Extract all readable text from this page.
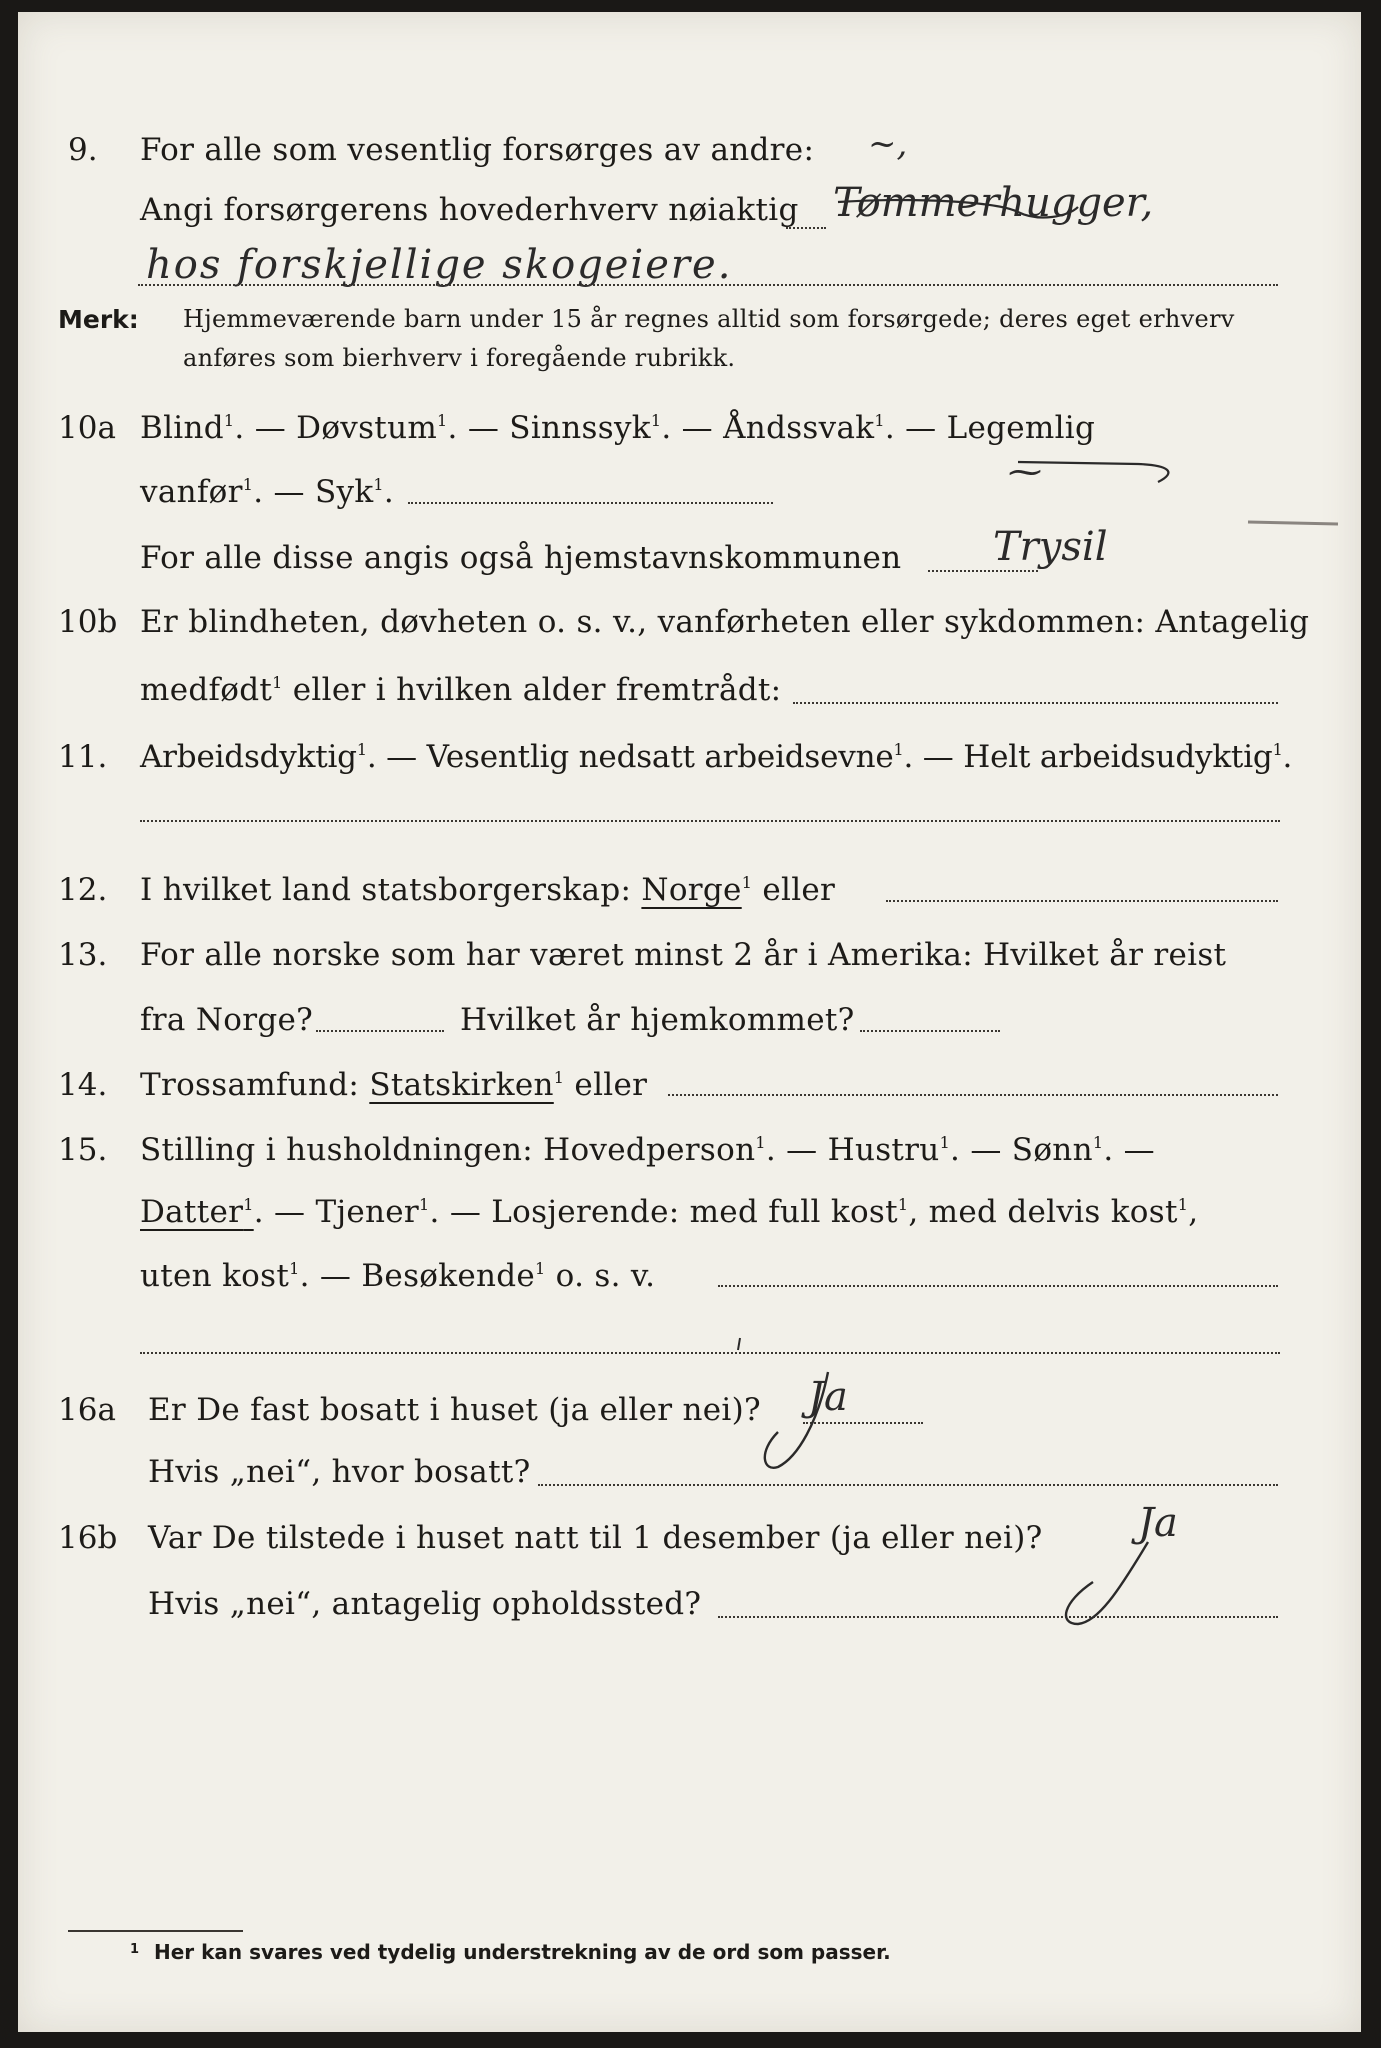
9. For alle som vesentlig forsørges av andre: ~,
Angi forsørgerens hovederhverv nøiaktig Tømmerhugger,
hos forskjellige skogeiere.
Merk: Hjemmeværende barn under 15 år regnes alltid som forsørgede; deres eget erhverv
anføres som bierhverv i foregående rubrikk.
10a Blind$^1$. — Døvstum$^1$. — Sinnssyk$^1$. — Åndssvak$^1$. — Legemlig
vanfør$^1$. — Syk$^1$.	⁓
For alle disse angis også hjemstavnskommunen Trysil
10b Er blindheten, døvheten o. s. v., vanførheten eller sykdommen: Antagelig
medfødt$^1$ eller i hvilken alder fremtrådt:
11. Arbeidsdyktig$^1$. — Vesentlig nedsatt arbeidsevne$^1$. — Helt arbeidsudyktig$^1$.
12. I hvilket land statsborgerskap: Norge$^1$ eller
13. For alle norske som har været minst 2 år i Amerika: Hvilket år reist
fra Norge?	Hvilket år hjemkommet?
14. Trossamfund: Statskirken$^1$ eller
15. Stilling i husholdningen: Hovedperson$^1$. — Hustru$^1$. — Sønn$^1$. —
Datter$^1$. — Tjener$^1$. — Losjerende: med full kost$^1$, med delvis kost$^1$,
uten kost$^1$. — Besøkende$^1$ o. s. v.
16a Er De fast bosatt i huset (ja eller nei)? Ja
Hvis „nei“, hvor bosatt?
16b Var De tilstede i huset natt til 1 desember (ja eller nei)? Ja
Hvis „nei“, antagelig opholdssted?
1 Her kan svares ved tydelig understrekning av de ord som passer.
